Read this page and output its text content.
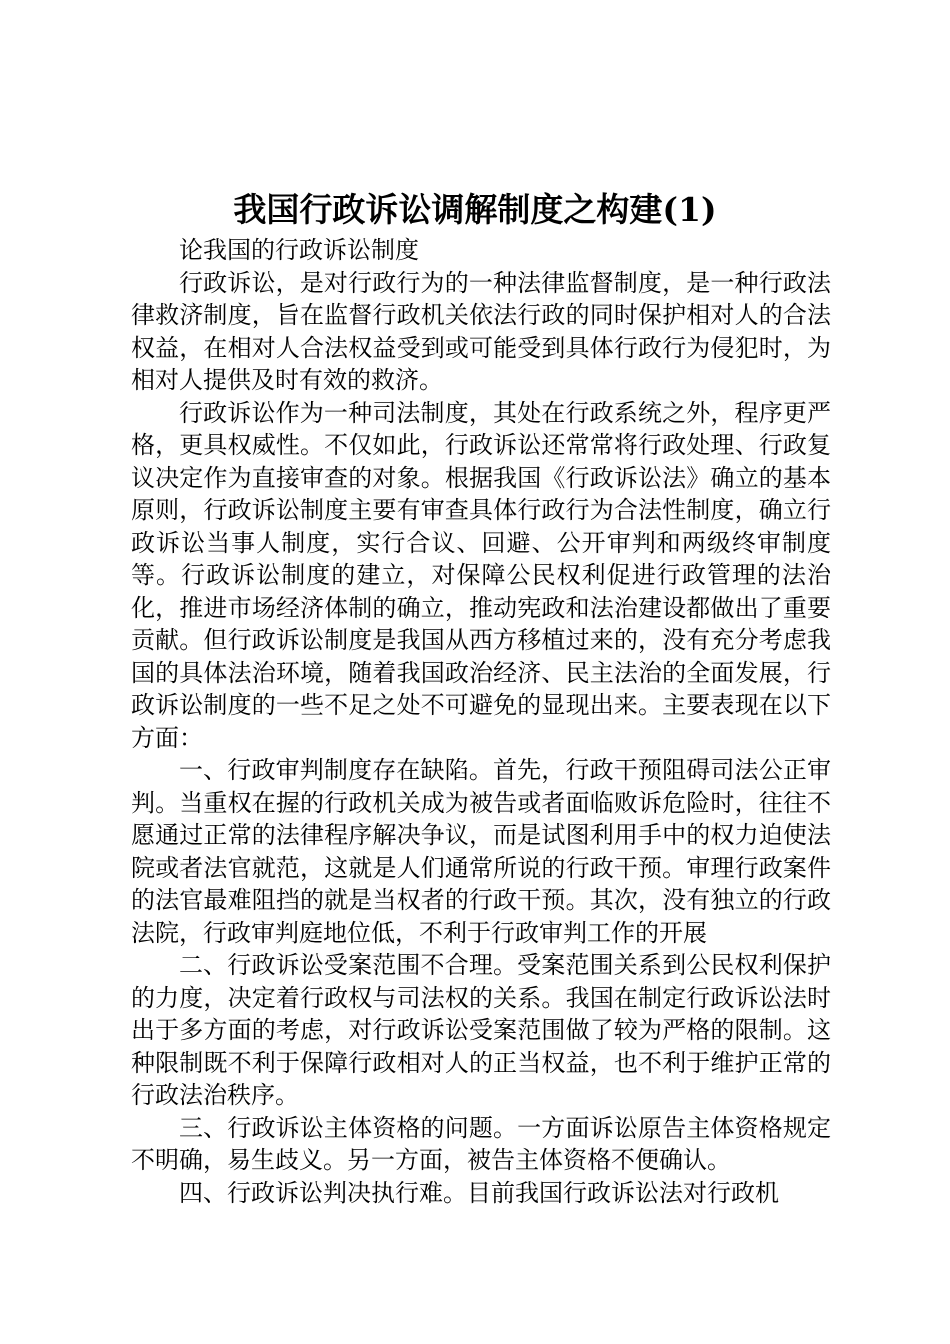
我国行政诉讼调解制度之构建(1)

论我国的行政诉讼制度

行政诉讼，是对行政行为的一种法律监督制度，是一种行政法律救济制度，旨在监督行政机关依法行政的同时保护相对人的合法权益，在相对人合法权益受到或可能受到具体行政行为侵犯时，为相对人提供及时有效的救济。

行政诉讼作为一种司法制度，其处在行政系统之外，程序更严格，更具权威性。不仅如此，行政诉讼还常常将行政处理、行政复议决定作为直接审查的对象。根据我国《行政诉讼法》确立的基本原则，行政诉讼制度主要有审查具体行政行为合法性制度，确立行政诉讼当事人制度，实行合议、回避、公开审判和两级终审制度等。行政诉讼制度的建立，对保障公民权利促进行政管理的法治化，推进市场经济体制的确立，推动宪政和法治建设都做出了重要贡献。但行政诉讼制度是我国从西方移植过来的，没有充分考虑我国的具体法治环境，随着我国政治经济、民主法治的全面发展，行政诉讼制度的一些不足之处不可避免的显现出来。主要表现在以下方面：

一、行政审判制度存在缺陷。首先，行政干预阻碍司法公正审判。当重权在握的行政机关成为被告或者面临败诉危险时，往往不愿通过正常的法律程序解决争议，而是试图利用手中的权力迫使法院或者法官就范，这就是人们通常所说的行政干预。审理行政案件的法官最难阻挡的就是当权者的行政干预。其次，没有独立的行政法院，行政审判庭地位低，不利于行政审判工作的开展

二、行政诉讼受案范围不合理。受案范围关系到公民权利保护的力度，决定着行政权与司法权的关系。我国在制定行政诉讼法时出于多方面的考虑，对行政诉讼受案范围做了较为严格的限制。这种限制既不利于保障行政相对人的正当权益，也不利于维护正常的行政法治秩序。

三、行政诉讼主体资格的问题。一方面诉讼原告主体资格规定不明确，易生歧义。另一方面，被告主体资格不便确认。

四、行政诉讼判决执行难。目前我国行政诉讼法对行政机
